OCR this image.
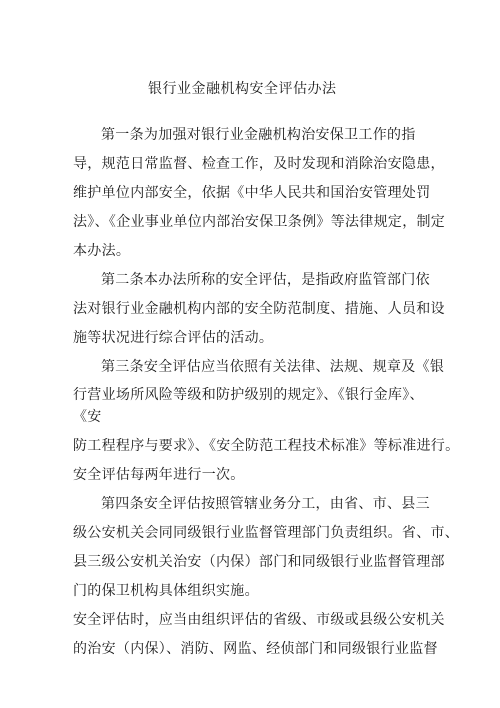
银行业金融机构安全评估办法
第一条为加强对银行业金融机构治安保卫工作的指
导，规范日常监督、检查工作，及时发现和消除治安隐患，
维护单位内部安全，依据《中华人民共和国治安管理处罚
法》、《企业事业单位内部治安保卫条例》等法律规定，制定
本办法。
第二条本办法所称的安全评估，是指政府监管部门依
法对银行业金融机构内部的安全防范制度、措施、人员和设
施等状况进行综合评估的活动。
第三条安全评估应当依照有关法律、法规、规章及《银
行营业场所风险等级和防护级别的规定》、《银行金库》、
《安
防工程程序与要求》、《安全防范工程技术标准》等标准进行。
安全评估每两年进行一次。
第四条安全评估按照管辖业务分工，由省、市、县三
级公安机关会同同级银行业监督管理部门负责组织。省、市、
县三级公安机关治安（内保）部门和同级银行业监督管理部
门的保卫机构具体组织实施。
安全评估时，应当由组织评估的省级、市级或县级公安机关
的治安（内保）、消防、网监、经侦部门和同级银行业监督
